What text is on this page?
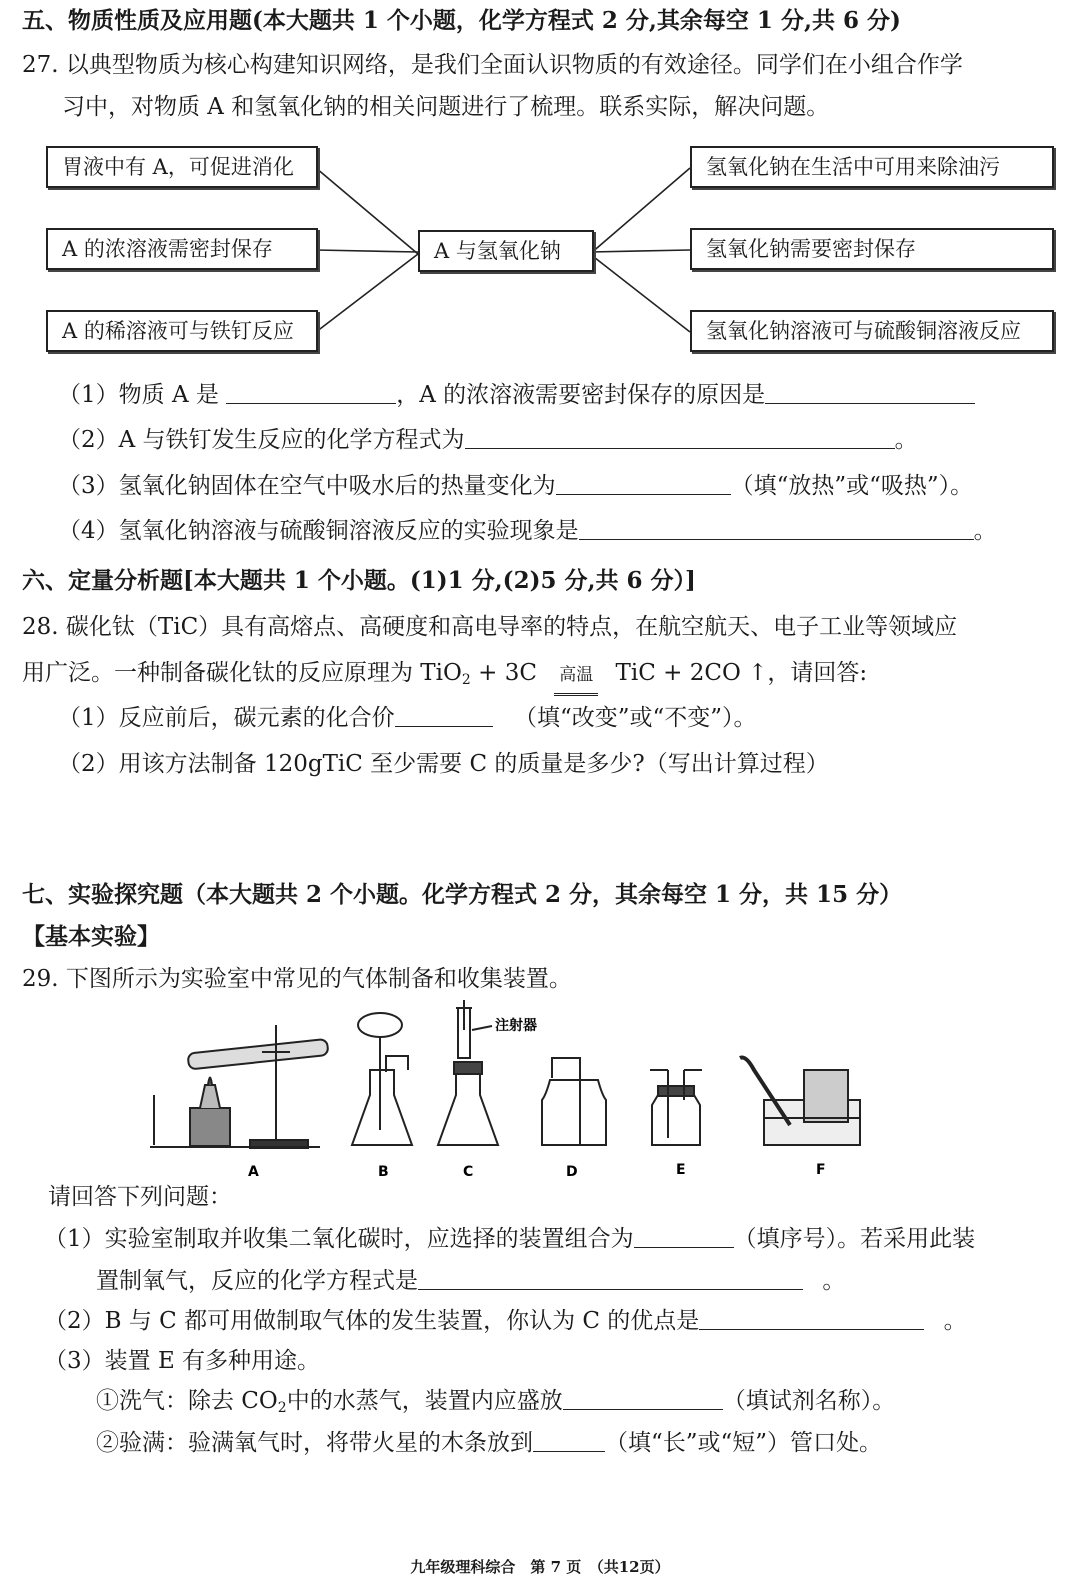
五、物质性质及应用题(本大题共 1 个小题，化学方程式 2 分,其余每空 1 分,共 6 分)
27. 以典型物质为核心构建知识网络，是我们全面认识物质的有效途径。同学们在小组合作学
习中，对物质 A 和氢氧化钠的相关问题进行了梳理。联系实际，解决问题。
胃液中有 A，可促进消化
A 的浓溶液需密封保存
A 的稀溶液可与铁钉反应
A 与氢氧化钠
氢氧化钠在生活中可用来除油污
氢氧化钠需要密封保存
氢氧化钠溶液可与硫酸铜溶液反应
（1）物质 A 是	，A 的浓溶液需要密封保存的原因是
（2）A 与铁钉发生反应的化学方程式为	。
（3）氢氧化钠固体在空气中吸水后的热量变化为	（填“放热”或“吸热”）。
（4）氢氧化钠溶液与硫酸铜溶液反应的实验现象是	。
六、定量分析题[本大题共 1 个小题。(1)1 分,(2)5 分,共 6 分）]
28. 碳化钛（TiC）具有高熔点、高硬度和高电导率的特点，在航空航天、电子工业等领域应
用广泛。一种制备碳化钛的反应原理为 TiO$_2$ + 3C 高温 TiC + 2CO ↑，请回答:
（1）反应前后，碳元素的化合价	（填“改变”或“不变”）。
（2）用该方法制备 120gTiC 至少需要 C 的质量是多少?（写出计算过程）
七、实验探究题（本大题共 2 个小题。化学方程式 2 分，其余每空 1 分，共 15 分）
【基本实验】
29. 下图所示为实验室中常见的气体制备和收集装置。
注射器
A	B	C	D	E	F
请回答下列问题：
（1）实验室制取并收集二氧化碳时，应选择的装置组合为	（填序号）。若采用此装
置制氧气，反应的化学方程式是	。
（2）B 与 C 都可用做制取气体的发生装置，你认为 C 的优点是	。
（3）装置 E 有多种用途。
①洗气：除去 $CO_2$中的水蒸气，装置内应盛放	（填试剂名称）。
②验满：验满氧气时，将带火星的木条放到	（填“长”或“短”）管口处。
九年级理科综合　第 7 页　（共12页）
